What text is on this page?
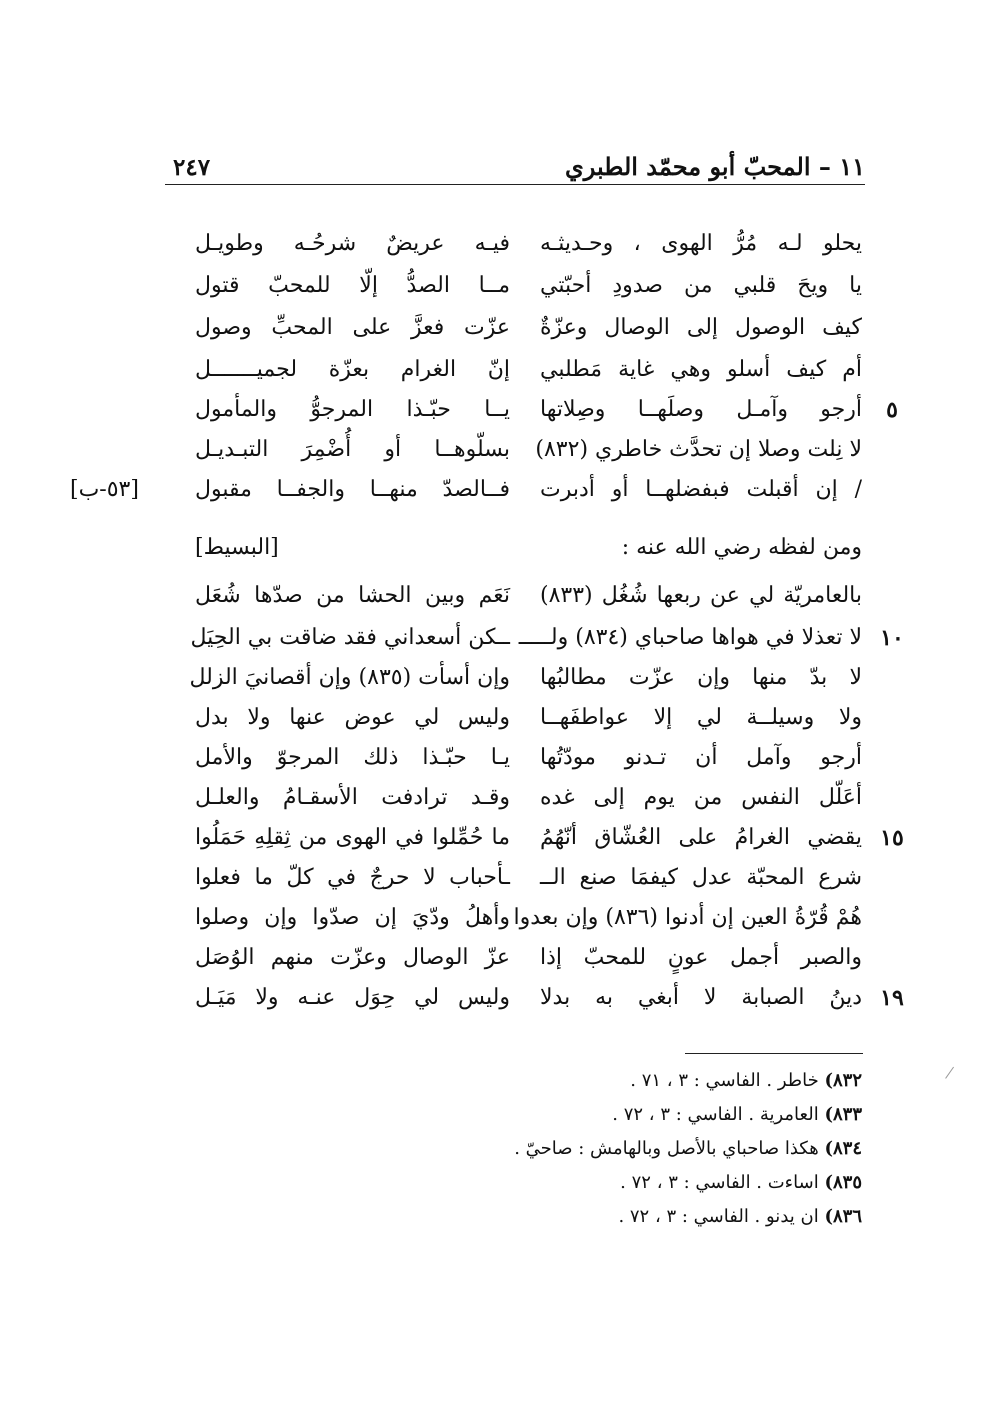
٢٤٧	١١ – المحبّ أبو محمّد الطبري
يحلو لـه مُرُّ الهوى ، وحـديثـه
فيـه عريضٌ شرحُـه وطويـل
يا ويحَ قلبي من صدودِ أحبّتي
مــا الصدُّ إلّا للمحبّ قتول
كيف الوصول إلى الوصال وعزّةٌ
عزّت فعزَّ على المحبِّ وصول
أم كيف أسلو وهي غاية مَطلبي
إنّ الغرام بعزّة لجميـــــــل
٥
أرجو وآمـل وصلَهــا وصِلاتها
يــا حبّـذا المرجوُّ والمأمول
لا نِلت وصلا إن تحدَّث خاطري (٨٣٢)
بسلّوهــا أو أُضْمِرَ التبـديـل
/ إن أقبلت فبفضلهــا أو أدبرت
فــالصدّ منهــا والجفــا مقبول
[٥٣-ب]
ومن لفظه رضي الله عنه :
[البسيط]
بالعامريّة لي عن ربعها شُغُل (٨٣٣)
نَعَم وبين الحشا من صدّها شُعَل
١٠
لا تعذلا في هواها صاحباي (٨٣٤) ولـــــ
ــكن أسعداني فقد ضاقت بي الحِيَل
لا بدّ منها وإن عزّت مطالبُها
وإن أسأت (٨٣٥) وإن أقصانيَ الزلل
ولا وسيلــة لي إلا عواطفَهــا
وليس لي عوض عنها ولا بدل
أرجو وآمل أن تـدنو مودّتُها
يـا حبّـذا ذلك المرجوّ والأمل
أعَلّل النفس من يوم إلى غده
وقـد ترادفت الأسقـامُ والعلـل
١٥
يقضي الغرامُ على العُشّاق أنّهُمُ
ما حُمِّلوا في الهوى من ثِقلِهِ حَمَلُوا
شرع المحبّة عدل كيفمَا صنع الــ
ـأحباب لا حرجٌ في كلّ ما فعلوا
هُمْ قُرّةُ العين إن أدنوا (٨٣٦) وإن بعدوا
وأهلُ ودّيَ إن صدّوا وإن وصلوا
والصبر أجمل عونٍ للمحبّ إذا
عزّ الوصال وعزّت منهم الوُصَل
١٩
دينُ الصبابة لا أبغي به بدلا
وليس لي حِوَل عنـه ولا مَيَـل
٨٣٢) خاطر . الفاسي : ٣ ، ٧١ .
٨٣٣) العامرية . الفاسي : ٣ ، ٧٢ .
٨٣٤) هكذا صاحباي بالأصل وبالهامش : صاحيّ .
٨٣٥) اساءت . الفاسي : ٣ ، ٧٢ .
٨٣٦) ان يدنو . الفاسي : ٣ ، ٧٢ .
